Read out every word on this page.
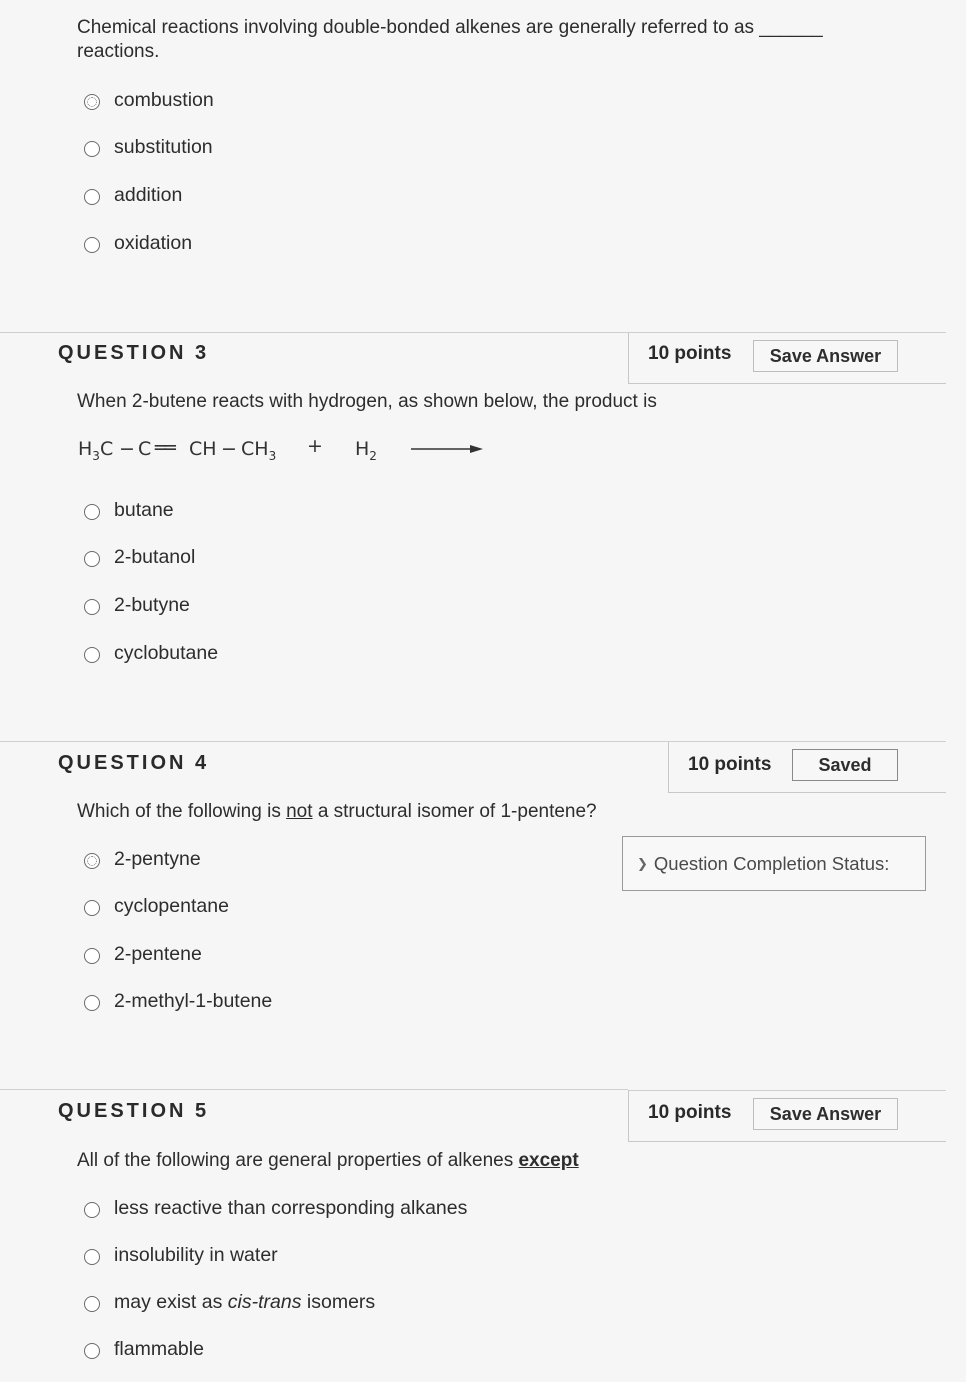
Chemical reactions involving double-bonded alkenes are generally referred to as ______
reactions.
combustion
substitution
addition
oxidation
QUESTION 3	10 points	Save Answer
When 2-butene reacts with hydrogen, as shown below, the product is
$H_3C - C$ ══ CH − $CH_3 + H_2$
butane
2-butanol
2-butyne
cyclobutane
QUESTION 4	10 points	Saved
Which of the following is not a structural isomer of 1-pentene?
2-pentyne
cyclopentane
2-pentene
2-methyl-1-butene
❯ Question Completion Status:
QUESTION 5	10 points	Save Answer
All of the following are general properties of alkenes except
less reactive than corresponding alkanes
insolubility in water
may exist as cis-trans isomers
flammable
